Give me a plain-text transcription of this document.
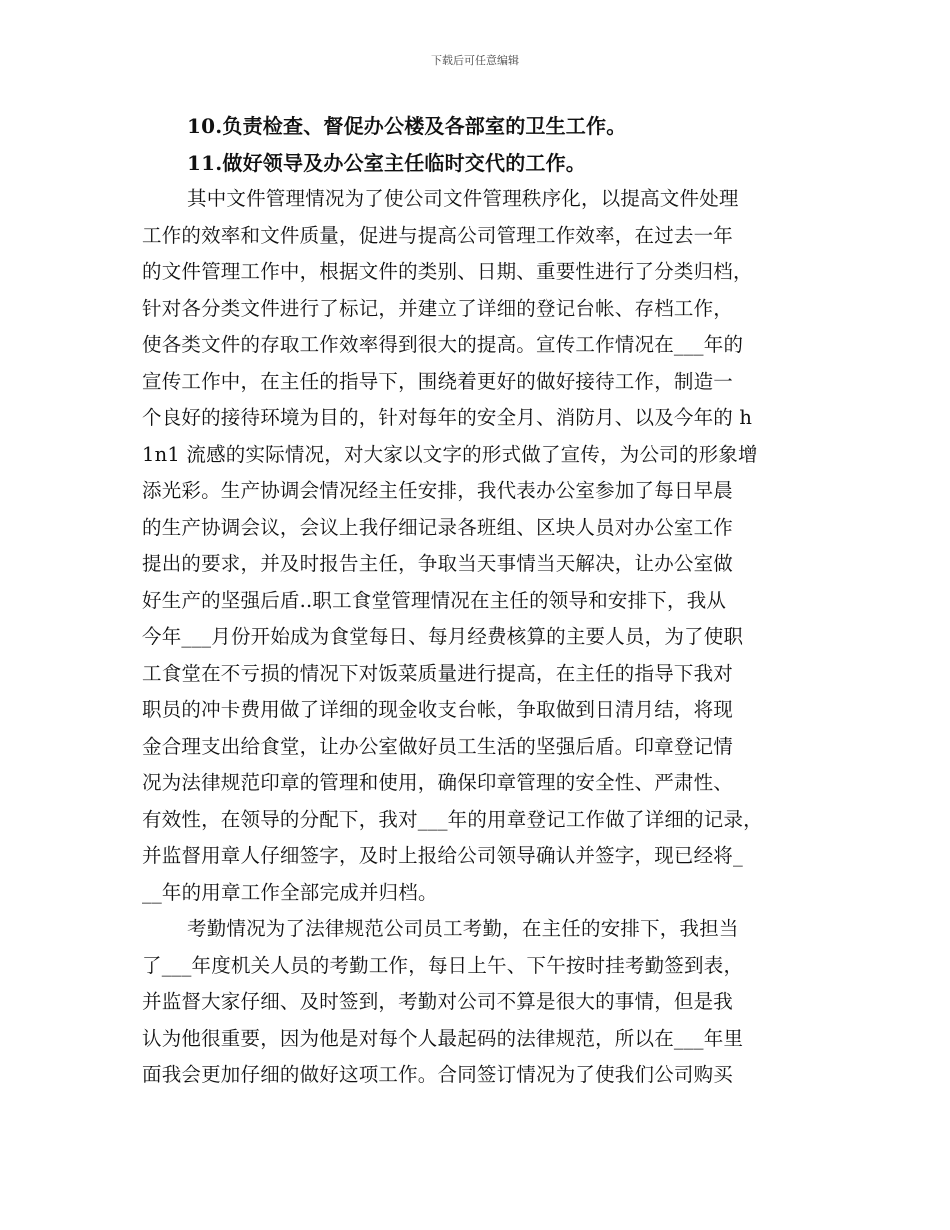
下载后可任意编辑
10.负责检查、督促办公楼及各部室的卫生工作。
11.做好领导及办公室主任临时交代的工作。
其中文件管理情况为了使公司文件管理秩序化，以提高文件处理
工作的效率和文件质量，促进与提高公司管理工作效率，在过去一年
的文件管理工作中，根据文件的类别、日期、重要性进行了分类归档，
针对各分类文件进行了标记，并建立了详细的登记台帐、存档工作，
使各类文件的存取工作效率得到很大的提高。宣传工作情况在___年的
宣传工作中，在主任的指导下，围绕着更好的做好接待工作，制造一
个良好的接待环境为目的，针对每年的安全月、消防月、以及今年的 h
1n1 流感的实际情况，对大家以文字的形式做了宣传，为公司的形象增
添光彩。生产协调会情况经主任安排，我代表办公室参加了每日早晨
的生产协调会议，会议上我仔细记录各班组、区块人员对办公室工作
提出的要求，并及时报告主任，争取当天事情当天解决，让办公室做
好生产的坚强后盾..职工食堂管理情况在主任的领导和安排下，我从
今年___月份开始成为食堂每日、每月经费核算的主要人员，为了使职
工食堂在不亏损的情况下对饭菜质量进行提高，在主任的指导下我对
职员的冲卡费用做了详细的现金收支台帐，争取做到日清月结，将现
金合理支出给食堂，让办公室做好员工生活的坚强后盾。印章登记情
况为法律规范印章的管理和使用，确保印章管理的安全性、严肃性、
有效性，在领导的分配下，我对___年的用章登记工作做了详细的记录，
并监督用章人仔细签字，及时上报给公司领导确认并签字，现已经将_
__年的用章工作全部完成并归档。
考勤情况为了法律规范公司员工考勤，在主任的安排下，我担当
了___年度机关人员的考勤工作，每日上午、下午按时挂考勤签到表，
并监督大家仔细、及时签到，考勤对公司不算是很大的事情，但是我
认为他很重要，因为他是对每个人最起码的法律规范，所以在___年里
面我会更加仔细的做好这项工作。合同签订情况为了使我们公司购买
